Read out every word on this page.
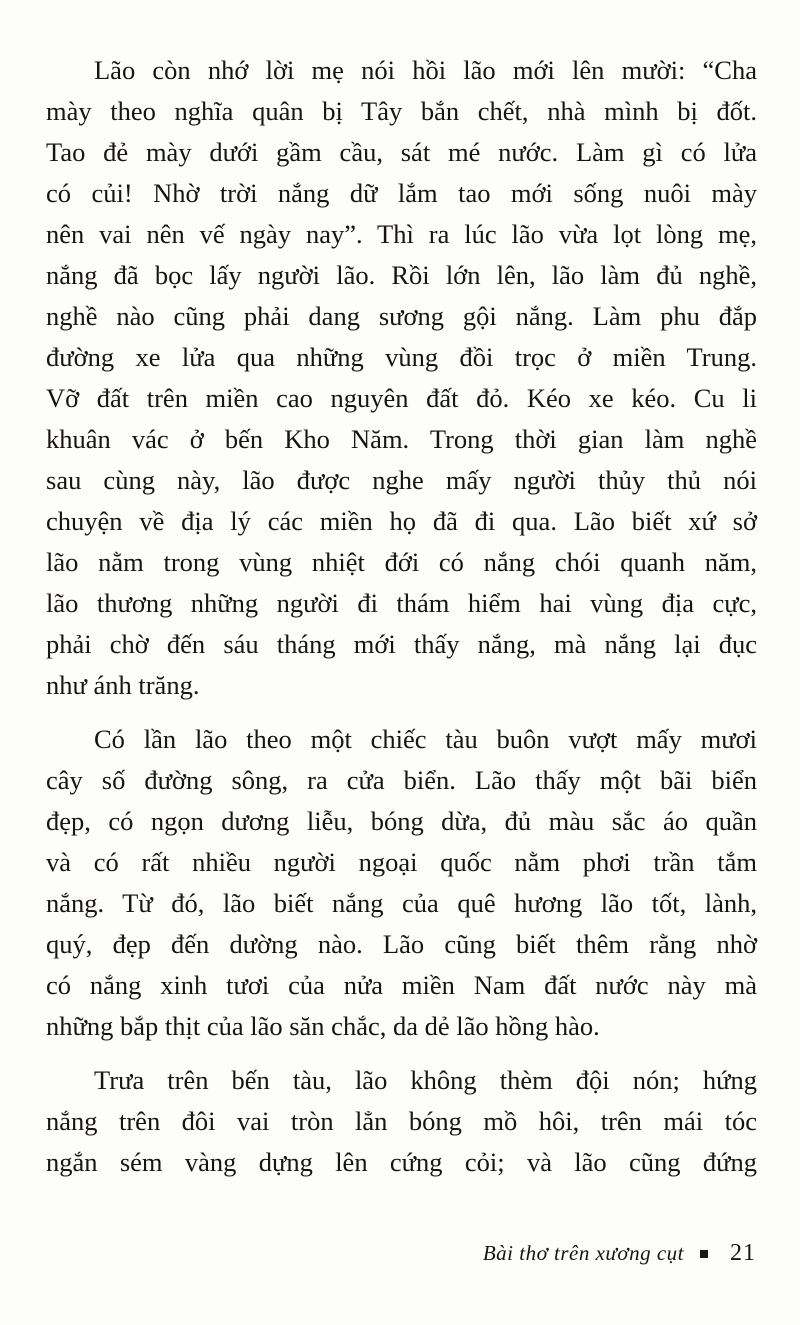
Lão còn nhớ lời mẹ nói hồi lão mới lên mười: “Cha
mày theo nghĩa quân bị Tây bắn chết, nhà mình bị đốt.
Tao đẻ mày dưới gầm cầu, sát mé nước. Làm gì có lửa
có củi! Nhờ trời nắng dữ lắm tao mới sống nuôi mày
nên vai nên vế ngày nay”. Thì ra lúc lão vừa lọt lòng mẹ,
nắng đã bọc lấy người lão. Rồi lớn lên, lão làm đủ nghề,
nghề nào cũng phải dang sương gội nắng. Làm phu đắp
đường xe lửa qua những vùng đồi trọc ở miền Trung.
Vỡ đất trên miền cao nguyên đất đỏ. Kéo xe kéo. Cu li
khuân vác ở bến Kho Năm. Trong thời gian làm nghề
sau cùng này, lão được nghe mấy người thủy thủ nói
chuyện về địa lý các miền họ đã đi qua. Lão biết xứ sở
lão nằm trong vùng nhiệt đới có nắng chói quanh năm,
lão thương những người đi thám hiểm hai vùng địa cực,
phải chờ đến sáu tháng mới thấy nắng, mà nắng lại đục
như ánh trăng.
Có lần lão theo một chiếc tàu buôn vượt mấy mươi
cây số đường sông, ra cửa biển. Lão thấy một bãi biển
đẹp, có ngọn dương liễu, bóng dừa, đủ màu sắc áo quần
và có rất nhiều người ngoại quốc nằm phơi trần tắm
nắng. Từ đó, lão biết nắng của quê hương lão tốt, lành,
quý, đẹp đến dường nào. Lão cũng biết thêm rằng nhờ
có nắng xinh tươi của nửa miền Nam đất nước này mà
những bắp thịt của lão săn chắc, da dẻ lão hồng hào.
Trưa trên bến tàu, lão không thèm đội nón; hứng
nắng trên đôi vai tròn lẳn bóng mồ hôi, trên mái tóc
ngắn sém vàng dựng lên cứng cỏi; và lão cũng đứng
Bài thơ trên xương cụt 21
